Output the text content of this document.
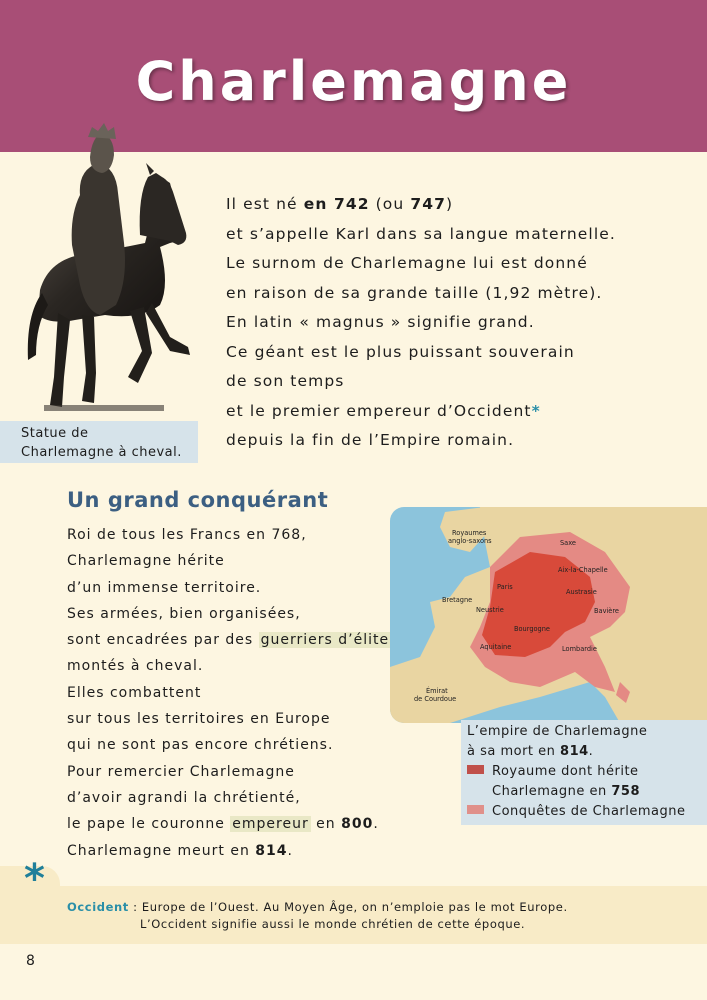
Charlemagne
Statue de
Charlemagne à cheval.

Il est né en 742 (ou 747)

et s’appelle Karl dans sa langue maternelle.

Le surnom de Charlemagne lui est donné

en raison de sa grande taille (1,92 mètre).

En latin « magnus » signifie grand.

Ce géant est le plus puissant souverain

de son temps

et le premier empereur d’Occident*

depuis la fin de l’Empire romain.

Un grand conquérant

Roi de tous les Francs en 768,

Charlemagne hérite

d’un immense territoire.

Ses armées, bien organisées,

sont encadrées par des guerriers d’élite

montés à cheval.

Elles combattent

sur tous les territoires en Europe

qui ne sont pas encore chrétiens.

Pour remercier Charlemagne

d’avoir agrandi la chrétienté,

le pape le couronne empereur en 800.

Charlemagne meurt en 814.

Royaumes
anglo-saxons	Saxe
Aix-la-Chapelle
Bretagne
Paris
Austrasie
Bavière
Neustrie
Bourgogne
Aquitaine	Lombardie
Émirat
de Courdoue

L’empire de Charlemagne

à sa mort en 814.

Royaume dont hérite

Charlemagne en 758

Conquêtes de Charlemagne

*

Occident : Europe de l’Ouest. Au Moyen Âge, on n’emploie pas le mot Europe.

L’Occident signifie aussi le monde chrétien de cette époque.

8
